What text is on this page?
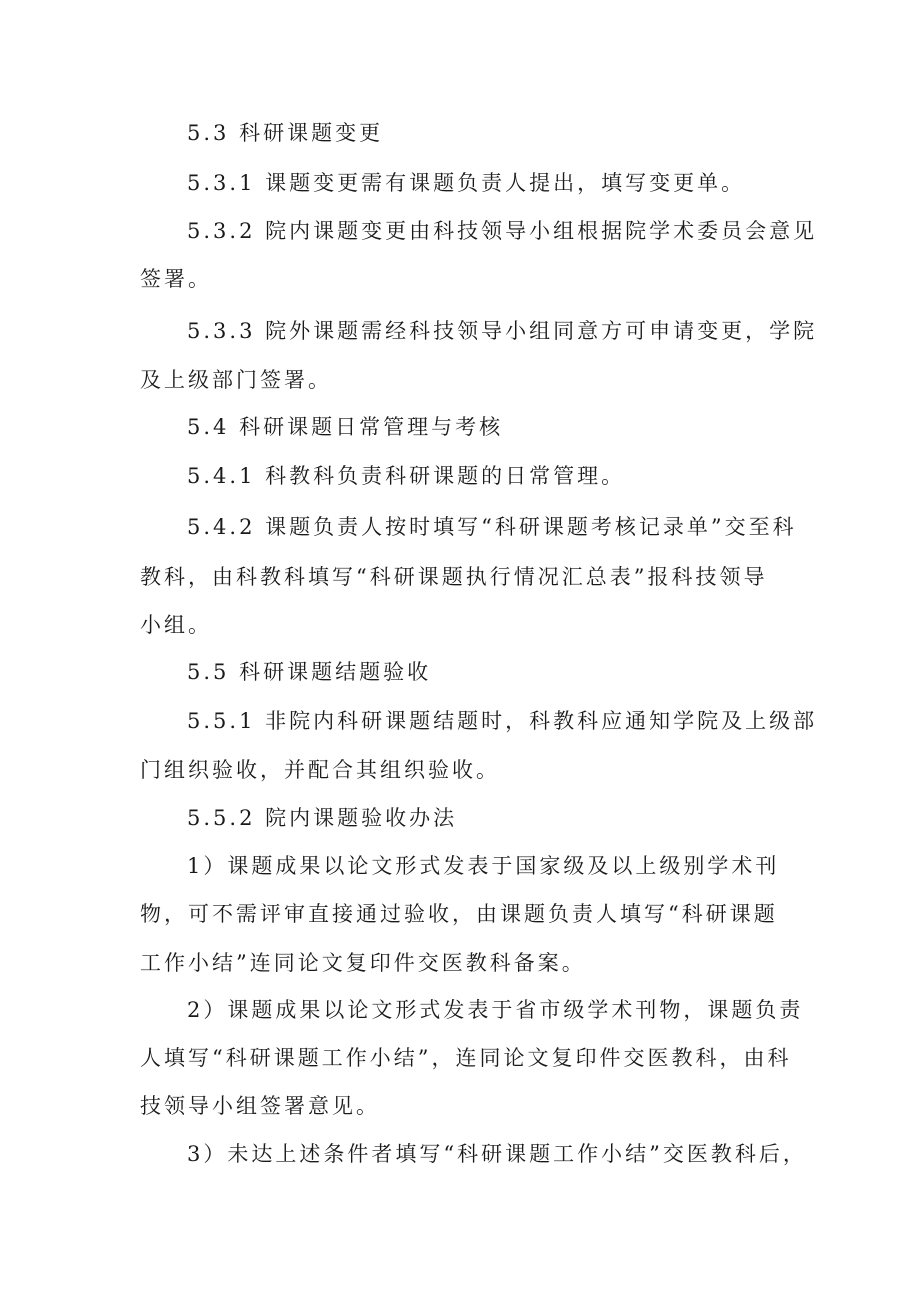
5.3 科研课题变更
5.3.1 课题变更需有课题负责人提出，填写变更单。
5.3.2 院内课题变更由科技领导小组根据院学术委员会意见
签署。
5.3.3 院外课题需经科技领导小组同意方可申请变更，学院
及上级部门签署。
5.4 科研课题日常管理与考核
5.4.1 科教科负责科研课题的日常管理。
5.4.2 课题负责人按时填写“科研课题考核记录单”交至科
教科，由科教科填写“科研课题执行情况汇总表”报科技领导
小组。
5.5 科研课题结题验收
5.5.1 非院内科研课题结题时，科教科应通知学院及上级部
门组织验收，并配合其组织验收。
5.5.2 院内课题验收办法
1）课题成果以论文形式发表于国家级及以上级别学术刊
物，可不需评审直接通过验收，由课题负责人填写“科研课题
工作小结”连同论文复印件交医教科备案。
2）课题成果以论文形式发表于省市级学术刊物，课题负责
人填写“科研课题工作小结”，连同论文复印件交医教科，由科
技领导小组签署意见。
3）未达上述条件者填写“科研课题工作小结”交医教科后，
